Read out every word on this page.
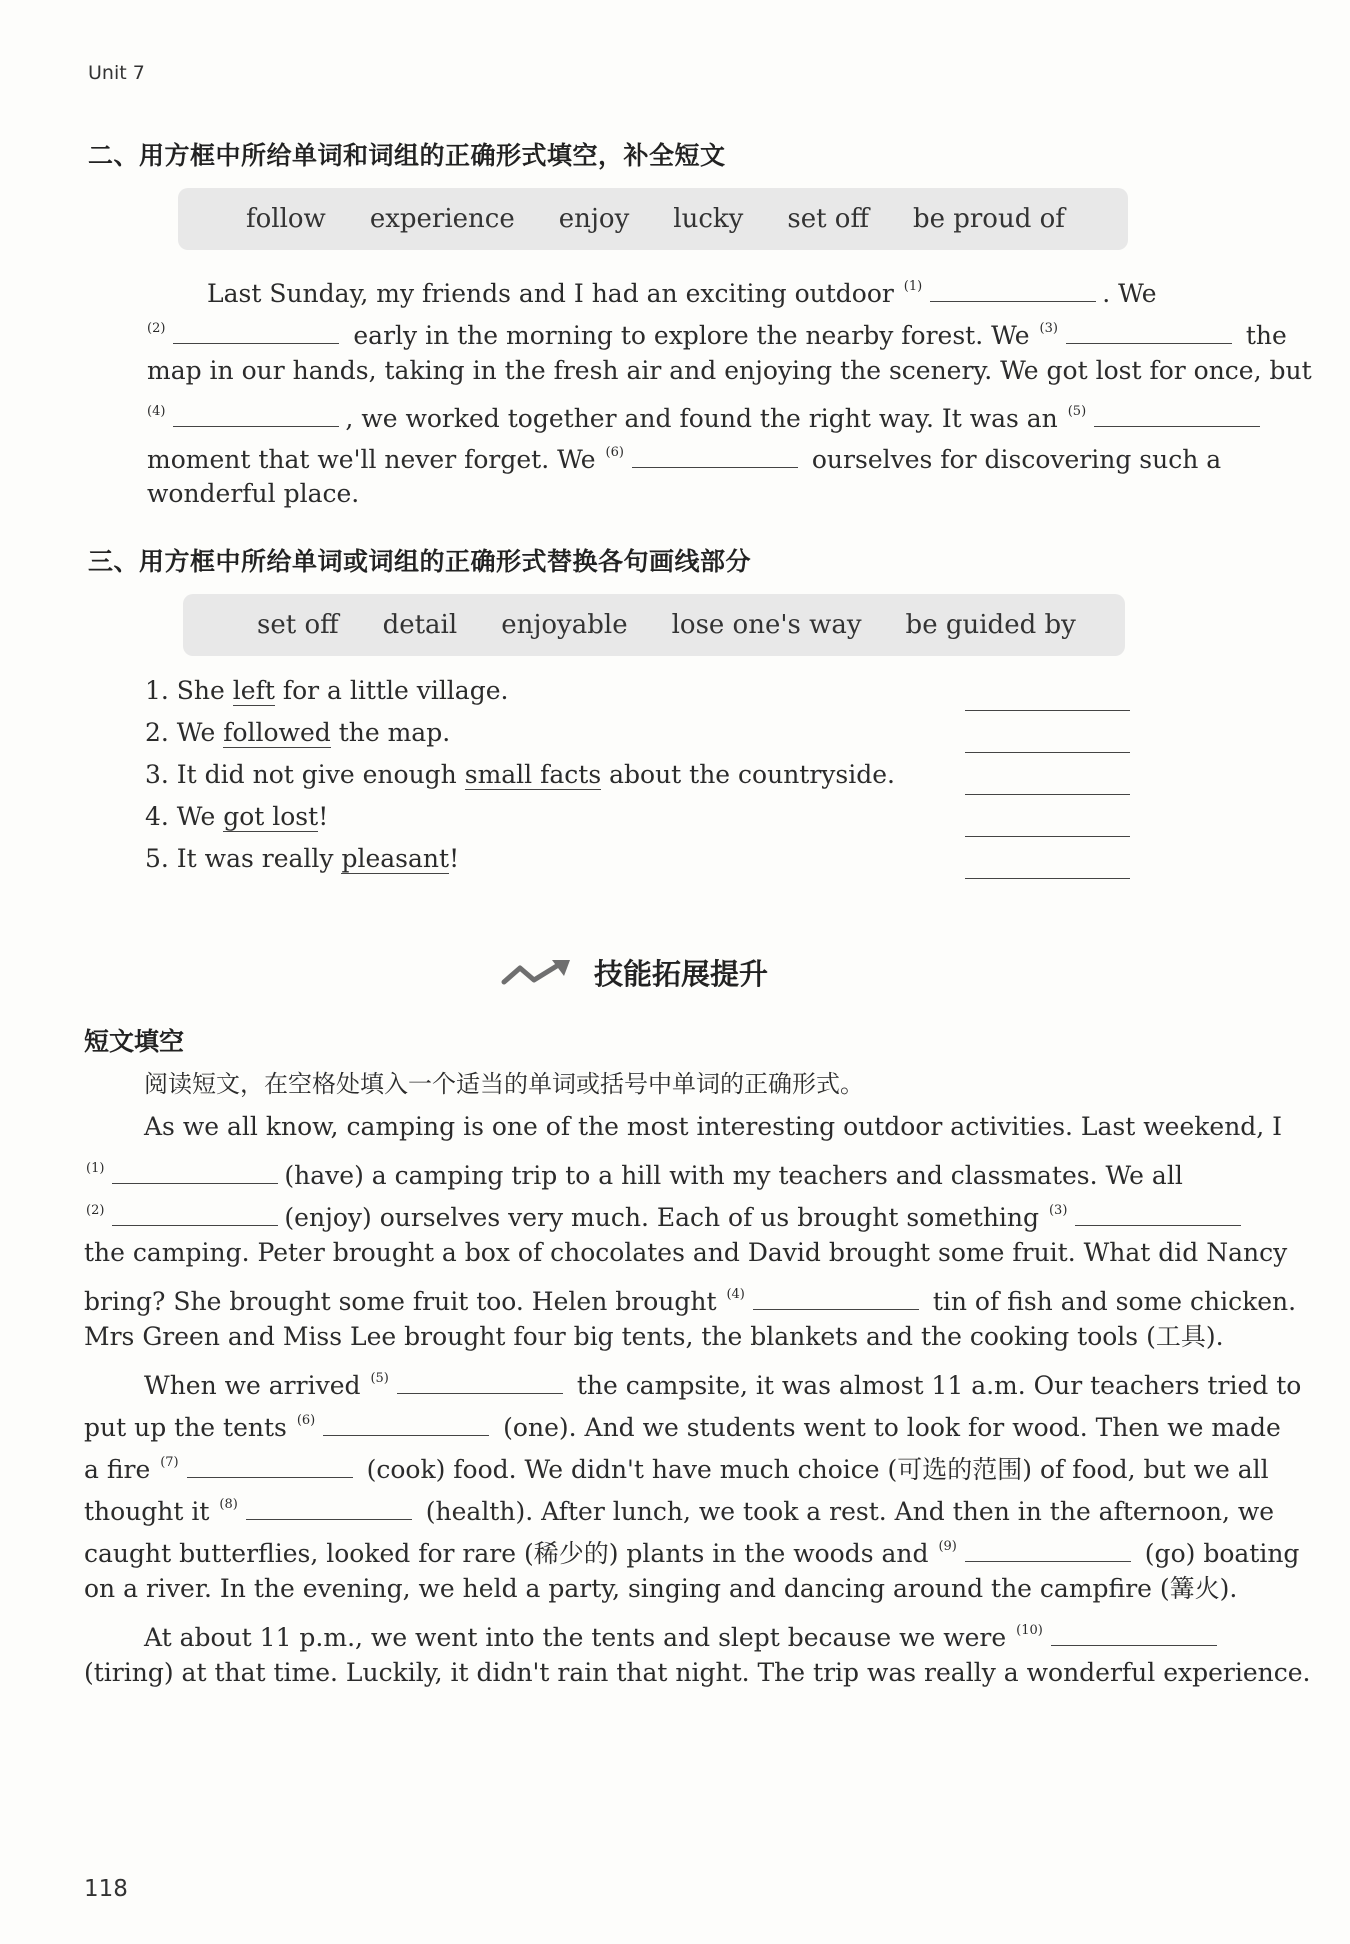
Unit 7
二、用方框中所给单词和词组的正确形式填空，补全短文
follow experience enjoy lucky set off be proud of
Last Sunday, my friends and I had an exciting outdoor $^{(1)}$	. We
$^{(2)}$	early in the morning to explore the nearby forest. We $^{(3)}$	the
map in our hands, taking in the fresh air and enjoying the scenery. We got lost for once, but
$^{(4)}$	, we worked together and found the right way. It was an $^{(5)}$
moment that we'll never forget. We $^{(6)}$	ourselves for discovering such a
wonderful place.
三、用方框中所给单词或词组的正确形式替换各句画线部分
set off detail enjoyable lose one's way be guided by
1. She left for a little village.
2. We followed the map.
3. It did not give enough small facts about the countryside.
4. We got lost!
5. It was really pleasant!
技能拓展提升
短文填空
阅读短文，在空格处填入一个适当的单词或括号中单词的正确形式。
As we all know, camping is one of the most interesting outdoor activities. Last weekend, I
$^{(1)}$	(have) a camping trip to a hill with my teachers and classmates. We all
$^{(2)}$	(enjoy) ourselves very much. Each of us brought something $^{(3)}$
the camping. Peter brought a box of chocolates and David brought some fruit. What did Nancy
bring? She brought some fruit too. Helen brought $^{(4)}$	tin of fish and some chicken.
Mrs Green and Miss Lee brought four big tents, the blankets and the cooking tools (工具).
When we arrived $^{(5)}$	the campsite, it was almost 11 a.m. Our teachers tried to
put up the tents $^{(6)}$	(one). And we students went to look for wood. Then we made
a fire $^{(7)}$	(cook) food. We didn't have much choice (可选的范围) of food, but we all
thought it $^{(8)}$	(health). After lunch, we took a rest. And then in the afternoon, we
caught butterflies, looked for rare (稀少的) plants in the woods and $^{(9)}$	(go) boating
on a river. In the evening, we held a party, singing and dancing around the campfire (篝火).
At about 11 p.m., we went into the tents and slept because we were $^{(10)}$
(tiring) at that time. Luckily, it didn't rain that night. The trip was really a wonderful experience.
118
